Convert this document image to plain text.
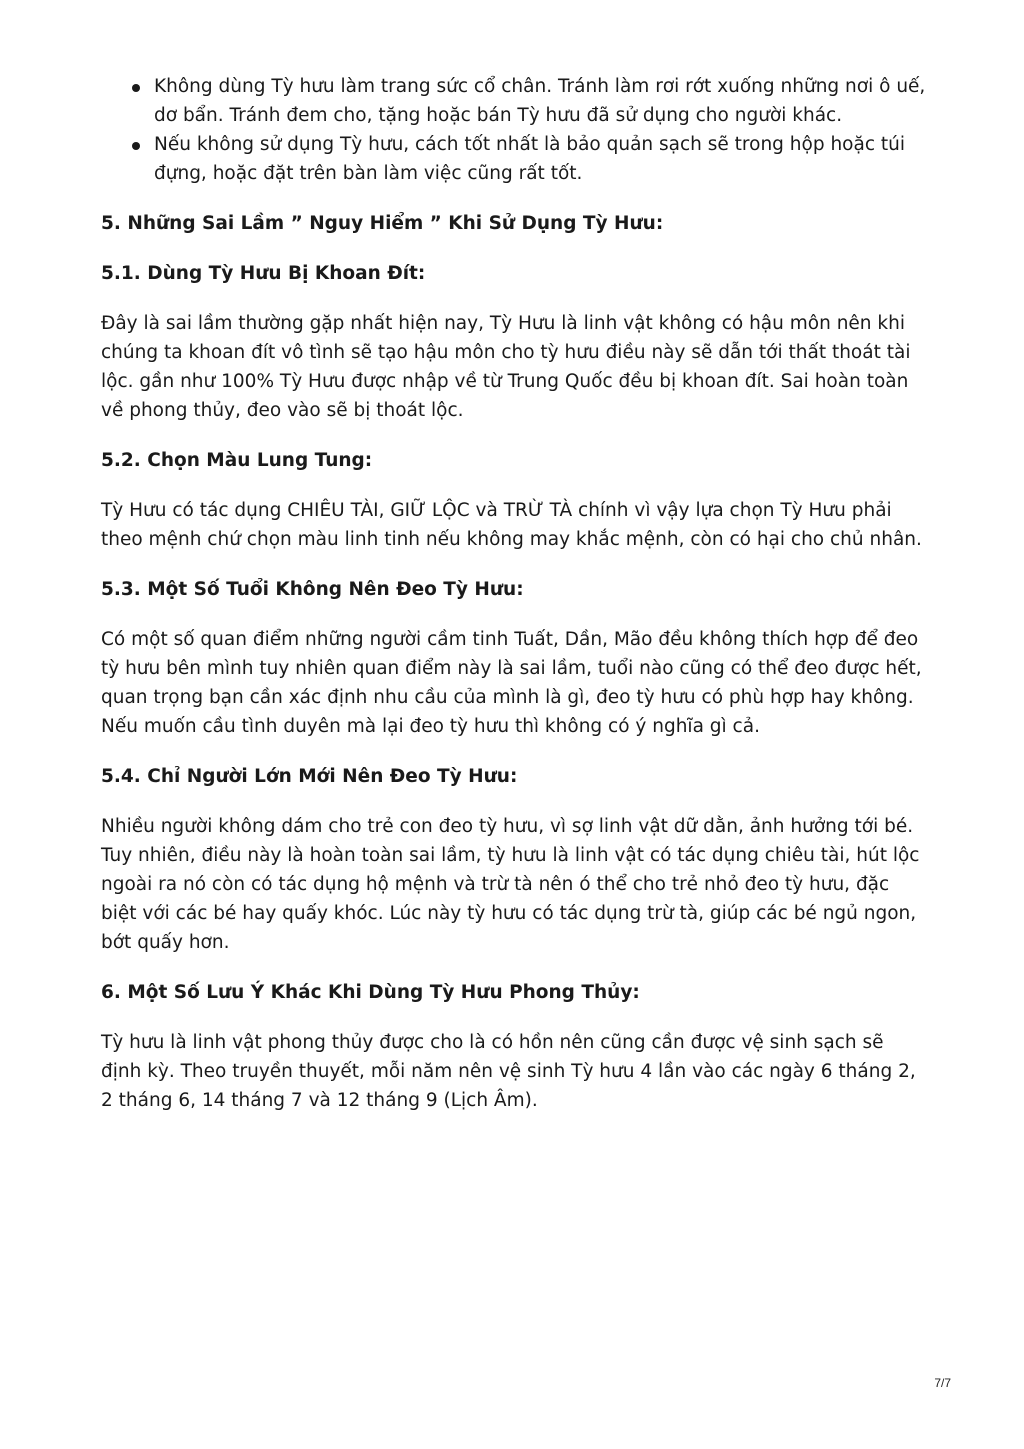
Không dùng Tỳ hưu làm trang sức cổ chân. Tránh làm rơi rớt xuống những nơi ô uế, dơ bẩn. Tránh đem cho, tặng hoặc bán Tỳ hưu đã sử dụng cho người khác.
Nếu không sử dụng Tỳ hưu, cách tốt nhất là bảo quản sạch sẽ trong hộp hoặc túi đựng, hoặc đặt trên bàn làm việc cũng rất tốt.
5. Những Sai Lầm ” Nguy Hiểm ” Khi Sử Dụng Tỳ Hưu:
5.1. Dùng Tỳ Hưu Bị Khoan Đít:

Đây là sai lầm thường gặp nhất hiện nay, Tỳ Hưu là linh vật không có hậu môn nên khi chúng ta khoan đít vô tình sẽ tạo hậu môn cho tỳ hưu điều này sẽ dẫn tới thất thoát tài lộc. gần như 100% Tỳ Hưu được nhập về từ Trung Quốc đều bị khoan đít. Sai hoàn toàn về phong thủy, đeo vào sẽ bị thoát lộc.

5.2. Chọn Màu Lung Tung:

Tỳ Hưu có tác dụng CHIÊU TÀI, GIỮ LỘC và TRỪ TÀ chính vì vậy lựa chọn Tỳ Hưu phải theo mệnh chứ chọn màu linh tinh nếu không may khắc mệnh, còn có hại cho chủ nhân.

5.3. Một Số Tuổi Không Nên Đeo Tỳ Hưu:

Có một số quan điểm những người cầm tinh Tuất, Dần, Mão đều không thích hợp để đeo tỳ hưu bên mình tuy nhiên quan điểm này là sai lầm, tuổi nào cũng có thể đeo được hết, quan trọng bạn cần xác định nhu cầu của mình là gì, đeo tỳ hưu có phù hợp hay không. Nếu muốn cầu tình duyên mà lại đeo tỳ hưu thì không có ý nghĩa gì cả.

5.4. Chỉ Người Lớn Mới Nên Đeo Tỳ Hưu:

Nhiều người không dám cho trẻ con đeo tỳ hưu, vì sợ linh vật dữ dằn, ảnh hưởng tới bé. Tuy nhiên, điều này là hoàn toàn sai lầm, tỳ hưu là linh vật có tác dụng chiêu tài, hút lộc ngoài ra nó còn có tác dụng hộ mệnh và trừ tà nên ó thể cho trẻ nhỏ đeo tỳ hưu, đặc biệt với các bé hay quấy khóc. Lúc này tỳ hưu có tác dụng trừ tà, giúp các bé ngủ ngon, bớt quấy hơn.

6. Một Số Lưu Ý Khác Khi Dùng Tỳ Hưu Phong Thủy:

Tỳ hưu là linh vật phong thủy được cho là có hồn nên cũng cần được vệ sinh sạch sẽ định kỳ. Theo truyền thuyết, mỗi năm nên vệ sinh Tỳ hưu 4 lần vào các ngày 6 tháng 2, 2 tháng 6, 14 tháng 7 và 12 tháng 9 (Lịch Âm).

7/7
